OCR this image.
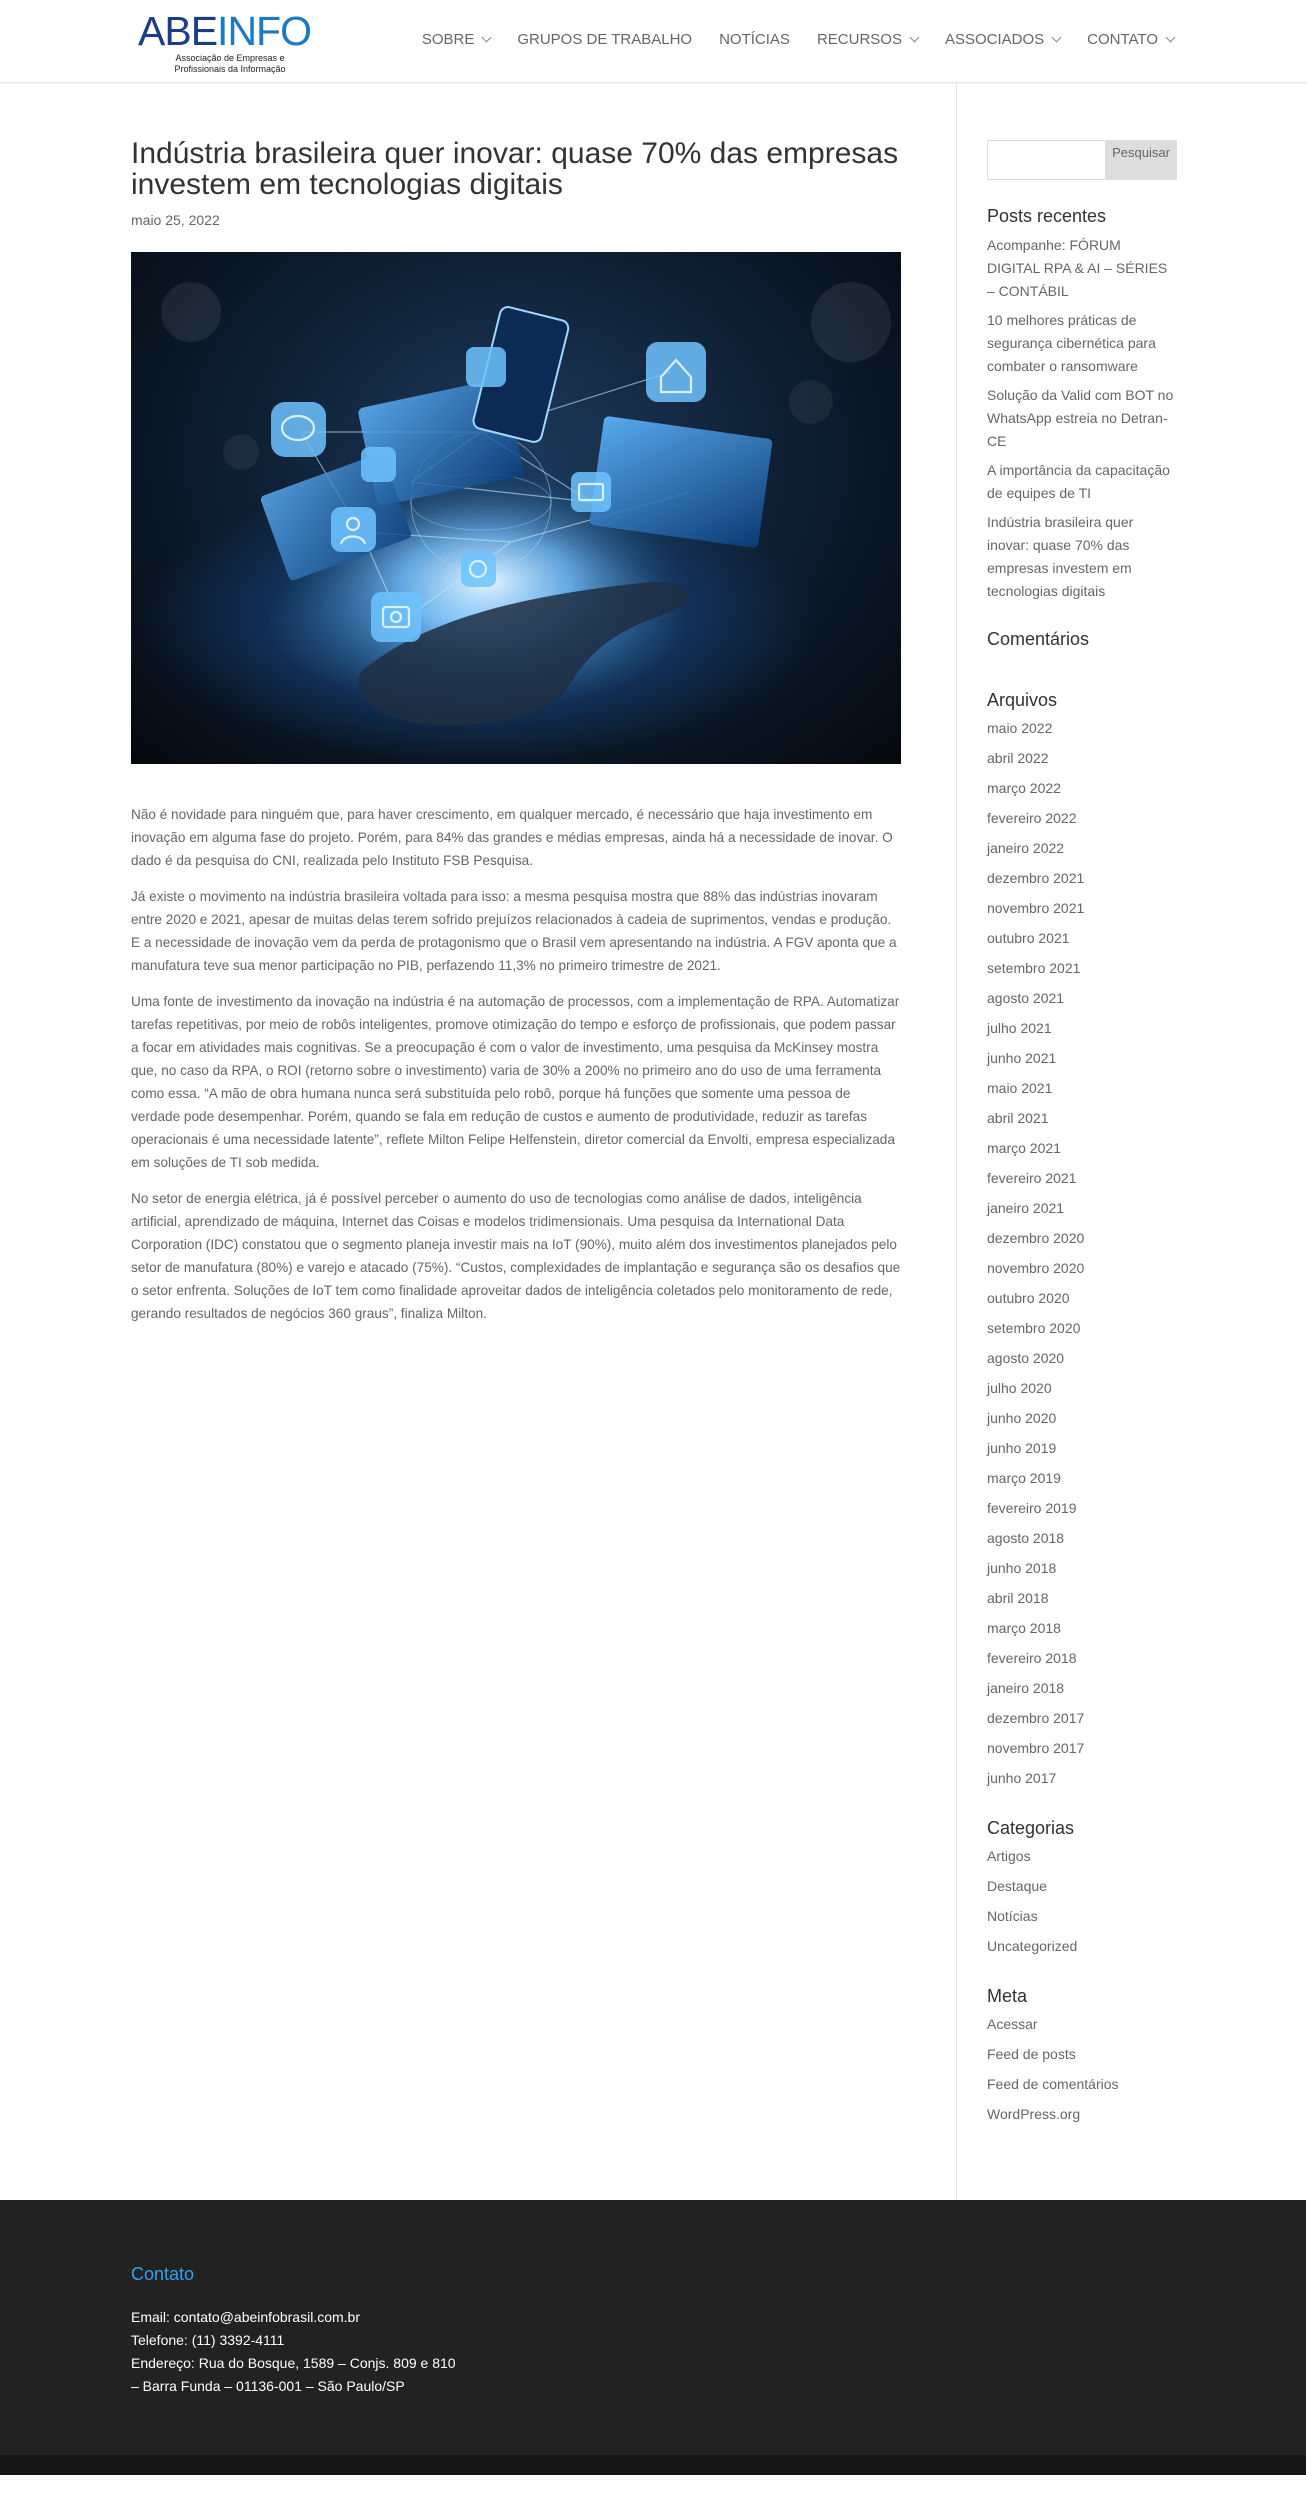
ABEINFO
Associação de Empresas e
Profissionais da Informação
SOBRE	GRUPOS DE TRABALHO NOTÍCIAS RECURSOS	ASSOCIADOS	CONTATO
Indústria brasileira quer inovar: quase 70% das empresas investem em tecnologias digitais
maio 25, 2022

Não é novidade para ninguém que, para haver crescimento, em qualquer mercado, é necessário que haja investimento em inovação em alguma fase do projeto. Porém, para 84% das grandes e médias empresas, ainda há a necessidade de inovar. O dado é da pesquisa do CNI, realizada pelo Instituto FSB Pesquisa.

Já existe o movimento na indústria brasileira voltada para isso: a mesma pesquisa mostra que 88% das indústrias inovaram entre 2020 e 2021, apesar de muitas delas terem sofrido prejuízos relacionados à cadeia de suprimentos, vendas e produção. E a necessidade de inovação vem da perda de protagonismo que o Brasil vem apresentando na indústria. A FGV aponta que a manufatura teve sua menor participação no PIB, perfazendo 11,3% no primeiro trimestre de 2021.

Uma fonte de investimento da inovação na indústria é na automação de processos, com a implementação de RPA. Automatizar tarefas repetitivas, por meio de robôs inteligentes, promove otimização do tempo e esforço de profissionais, que podem passar a focar em atividades mais cognitivas. Se a preocupação é com o valor de investimento, uma pesquisa da McKinsey mostra que, no caso da RPA, o ROI (retorno sobre o investimento) varia de 30% a 200% no primeiro ano do uso de uma ferramenta como essa. “A mão de obra humana nunca será substituída pelo robô, porque há funções que somente uma pessoa de verdade pode desempenhar. Porém, quando se fala em redução de custos e aumento de produtividade, reduzir as tarefas operacionais é uma necessidade latente”, reflete Milton Felipe Helfenstein, diretor comercial da Envolti, empresa especializada em soluções de TI sob medida.

No setor de energia elétrica, já é possível perceber o aumento do uso de tecnologias como análise de dados, inteligência artificial, aprendizado de máquina, Internet das Coisas e modelos tridimensionais. Uma pesquisa da International Data Corporation (IDC) constatou que o segmento planeja investir mais na IoT (90%), muito além dos investimentos planejados pelo setor de manufatura (80%) e varejo e atacado (75%). “Custos, complexidades de implantação e segurança são os desafios que o setor enfrenta. Soluções de IoT tem como finalidade aproveitar dados de inteligência coletados pelo monitoramento de rede, gerando resultados de negócios 360 graus”, finaliza Milton.

Pesquisar
Posts recentes
Acompanhe: FÓRUM DIGITAL RPA & AI – SÉRIES – CONTÁBIL
10 melhores práticas de segurança cibernética para combater o ransomware
Solução da Valid com BOT no WhatsApp estreia no Detran-CE
A importância da capacitação de equipes de TI
Indústria brasileira quer inovar: quase 70% das empresas investem em tecnologias digitais
Comentários
Arquivos
maio 2022
abril 2022
março 2022
fevereiro 2022
janeiro 2022
dezembro 2021
novembro 2021
outubro 2021
setembro 2021
agosto 2021
julho 2021
junho 2021
maio 2021
abril 2021
março 2021
fevereiro 2021
janeiro 2021
dezembro 2020
novembro 2020
outubro 2020
setembro 2020
agosto 2020
julho 2020
junho 2020
junho 2019
março 2019
fevereiro 2019
agosto 2018
junho 2018
abril 2018
março 2018
fevereiro 2018
janeiro 2018
dezembro 2017
novembro 2017
junho 2017
Categorias
Artigos
Destaque
Notícias
Uncategorized
Meta
Acessar
Feed de posts
Feed de comentários
WordPress.org
Contato
Email: contato@abeinfobrasil.com.br
Telefone: (11) 3392-4111
Endereço: Rua do Bosque, 1589 – Conjs. 809 e 810 – Barra Funda – 01136-001 – São Paulo/SP
